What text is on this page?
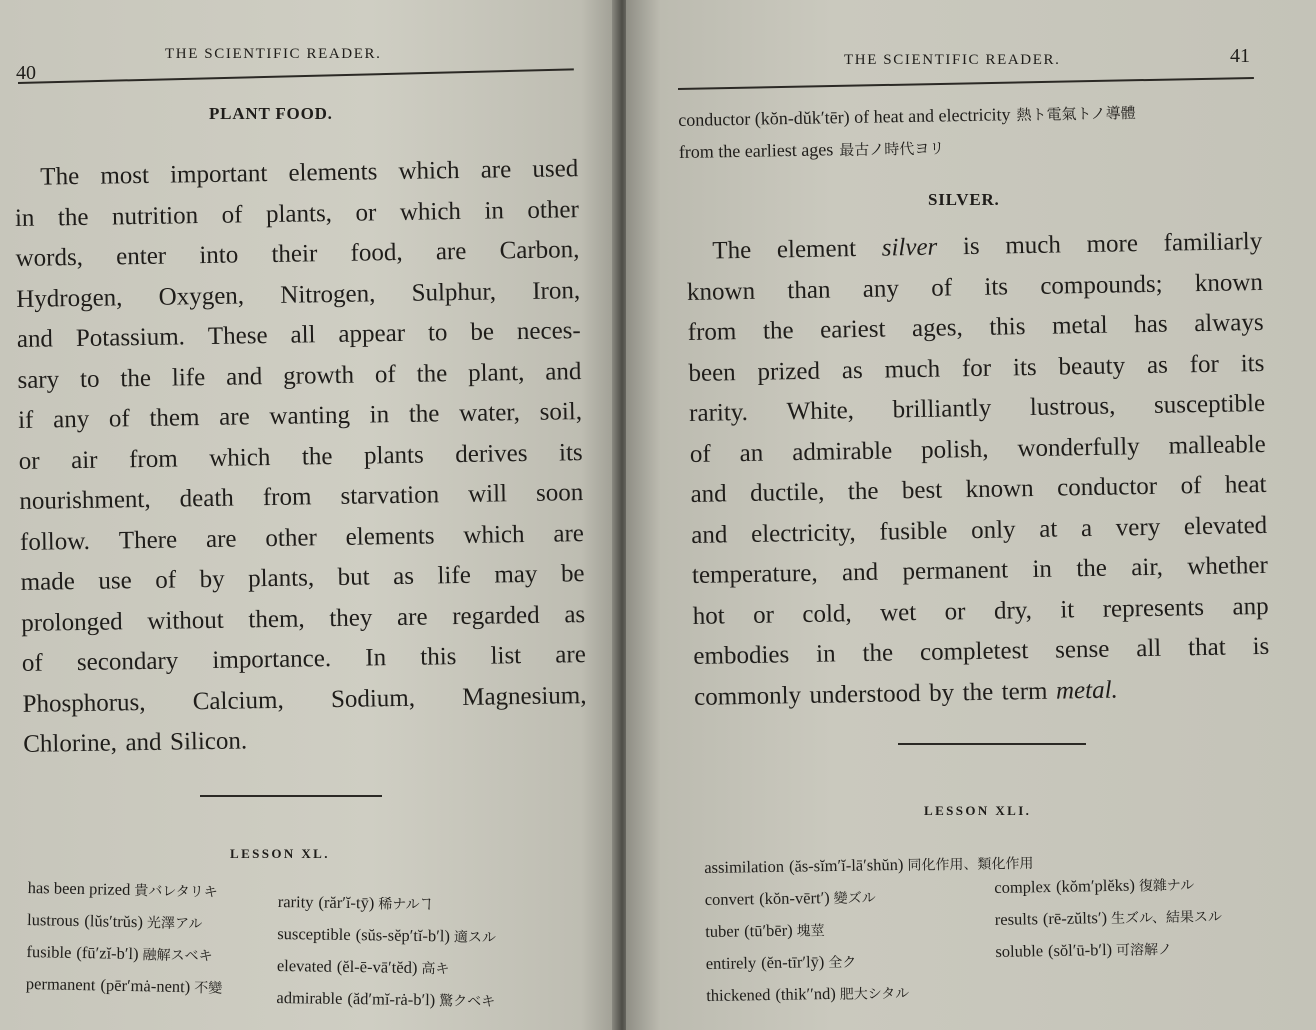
40
THE SCIENTIFIC READER.
PLANT FOOD.
The most important elements which are used
in the nutrition of plants, or which in other
words, enter into their food, are Carbon,
Hydrogen, Oxygen, Nitrogen, Sulphur, Iron,
and Potassium. These all appear to be neces-
sary to the life and growth of the plant, and
if any of them are wanting in the water, soil,
or air from which the plants derives its
nourishment, death from starvation will soon
follow. There are other elements which are
made use of by plants, but as life may be
prolonged without them, they are regarded as
of secondary importance. In this list are
Phosphorus, Calcium, Sodium, Magnesium,
Chlorine, and Silicon.
LESSON XL.
has been prized 貴バレタリキ
lustrous (lŭs′trŭs) 光澤アル
fusible (fū′zĭ-b′l) 融解スベキ
permanent (pēr′mȧ-nent) 不變
rarity (răr′ĭ-tȳ) 稀ナルヿ
susceptible (sŭs-sĕp′tĭ-b′l) 適スル
elevated (ĕl-ē-vā′tĕd) 高キ
admirable (ăd′mĭ-rȧ-b′l) 驚クベキ
THE SCIENTIFIC READER.	41
conductor (kŏn-dŭk′tēr) of heat and electricity 熱ト電氣トノ導體
from the earliest ages 最古ノ時代ヨリ
SILVER.
The element silver is much more familiarly
known than any of its compounds; known
from the eariest ages, this metal has always
been prized as much for its beauty as for its
rarity. White, brilliantly lustrous, susceptible
of an admirable polish, wonderfully malleable
and ductile, the best known conductor of heat
and electricity, fusible only at a very elevated
temperature, and permanent in the air, whether
hot or cold, wet or dry, it represents anp
embodies in the completest sense all that is
commonly understood by the term metal.
LESSON XLI.
assimilation (ăs-sĭm′ĭ-lā′shŭn) 同化作用、類化作用
convert (kŏn-vērt′) 變ズル
tuber (tū′bēr) 塊莖
entirely (ĕn-tīr′lȳ) 全ク
thickened (thik′′nd) 肥大シタル
complex (kŏm′plĕks) 復雜ナル
results (rē-zŭlts′) 生ズル、結果スル
soluble (sŏl′ū-b′l) 可溶解ノ
